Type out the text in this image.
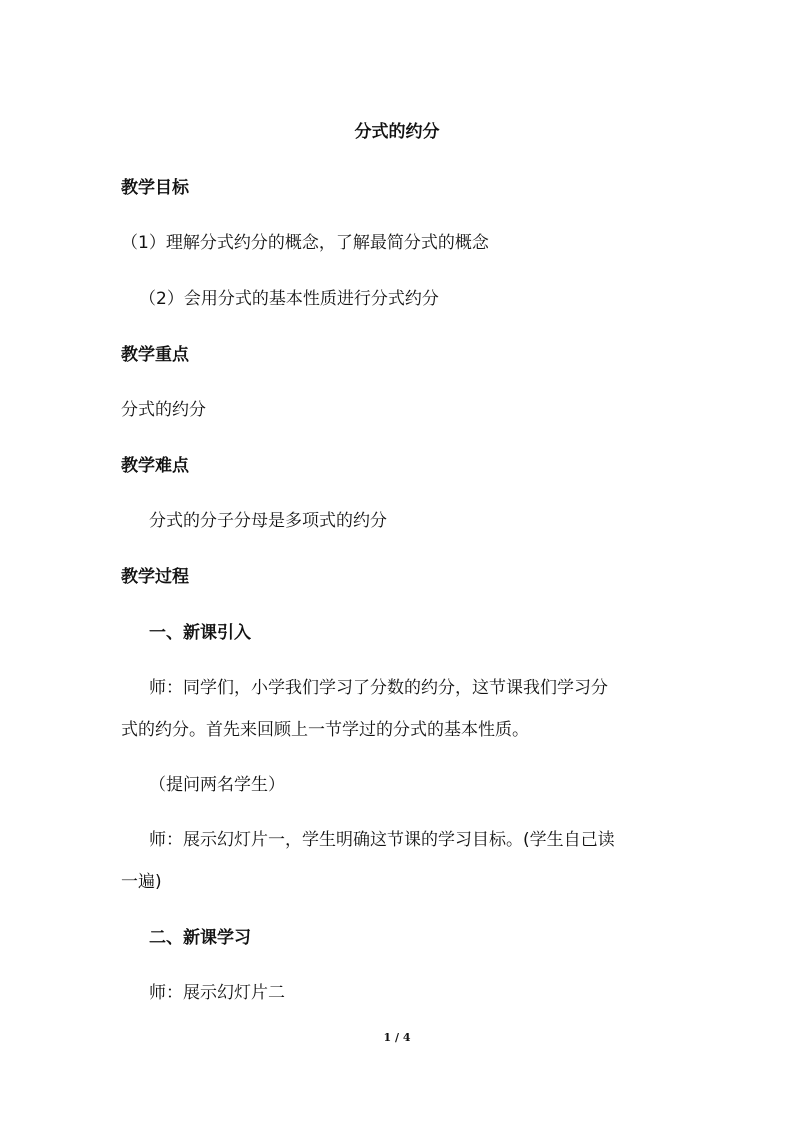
分式的约分
教学目标
（1）理解分式约分的概念，了解最简分式的概念
（2）会用分式的基本性质进行分式约分
教学重点
分式的约分
教学难点
分式的分子分母是多项式的约分
教学过程
一、新课引入
师：同学们，小学我们学习了分数的约分，这节课我们学习分
式的约分。首先来回顾上一节学过的分式的基本性质。
（提问两名学生）
师：展示幻灯片一，学生明确这节课的学习目标。(学生自己读
一遍)
二、新课学习
师：展示幻灯片二
1 / 4
